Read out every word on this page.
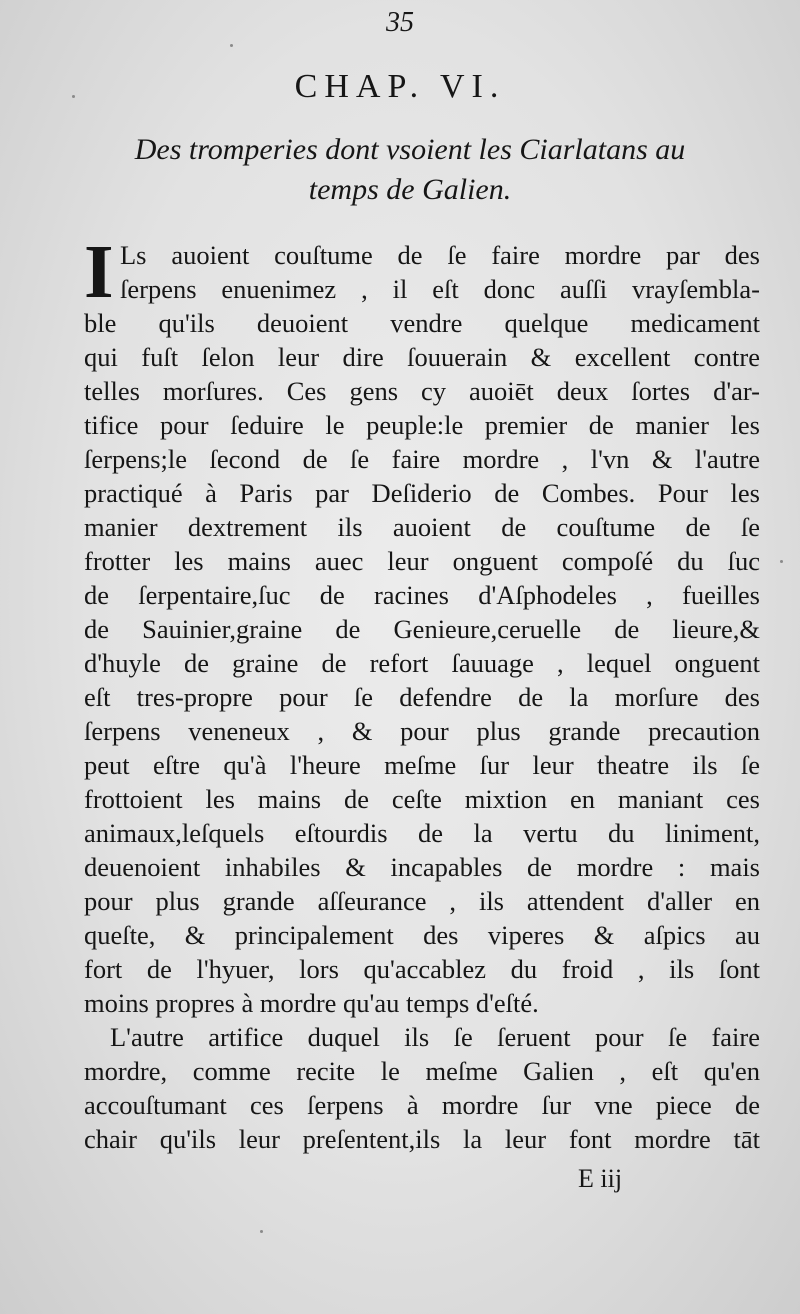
35
CHAP. VI.
Des tromperies dont vsoient les Ciarlatans au
temps de Galien.
I Ls auoient couſtume de ſe faire mordre par des
ſerpens enuenimez , il eſt donc auſſi vrayſembla-
ble qu'ils deuoient vendre quelque medicament
qui fuſt ſelon leur dire ſouuerain & excellent contre
telles morſures. Ces gens cy auoiēt deux ſortes d'ar-
tifice pour ſeduire le peuple:le premier de manier les
ſerpens;le ſecond de ſe faire mordre , l'vn & l'autre
practiqué à Paris par Deſiderio de Combes. Pour les
manier dextrement ils auoient de couſtume de ſe
frotter les mains auec leur onguent compoſé du ſuc
de ſerpentaire,ſuc de racines d'Aſphodeles , fueilles
de Sauinier,graine de Genieure,ceruelle de lieure,&
d'huyle de graine de refort ſauuage , lequel onguent
eſt tres-propre pour ſe defendre de la morſure des
ſerpens veneneux , & pour plus grande precaution
peut eſtre qu'à l'heure meſme ſur leur theatre ils ſe
frottoient les mains de ceſte mixtion en maniant ces
animaux,leſquels eſtourdis de la vertu du liniment,
deuenoient inhabiles & incapables de mordre : mais
pour plus grande aſſeurance , ils attendent d'aller en
queſte, & principalement des viperes & aſpics au
fort de l'hyuer, lors qu'accablez du froid , ils ſont
moins propres à mordre qu'au temps d'eſté.
L'autre artifice duquel ils ſe ſeruent pour ſe faire
mordre, comme recite le meſme Galien , eſt qu'en
accouſtumant ces ſerpens à mordre ſur vne piece de
chair qu'ils leur preſentent,ils la leur font mordre tāt
E iij
